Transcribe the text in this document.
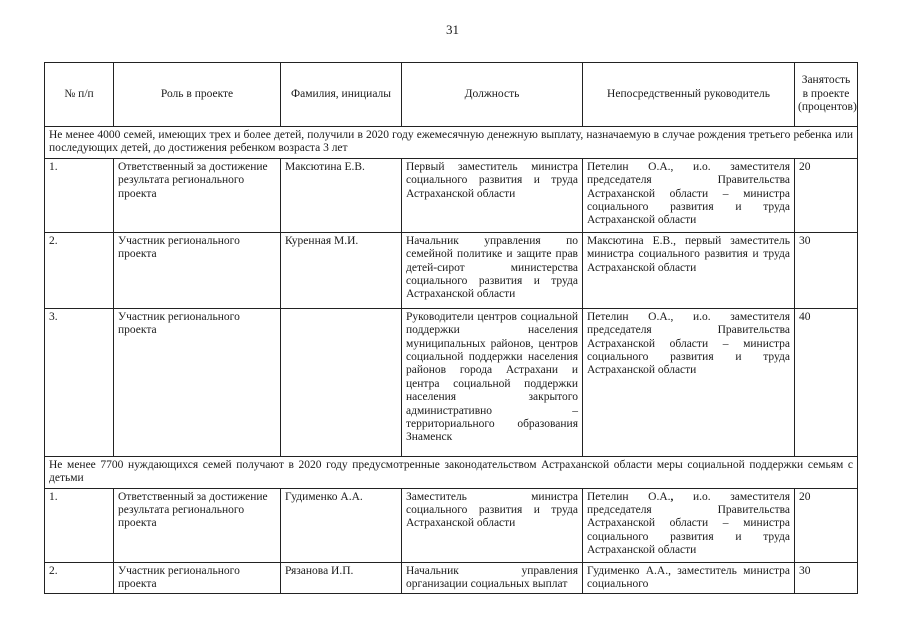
31
№ п/п	Роль в проекте	Фамилия, инициалы	Должность	Непосредственный руководитель	Занятость в проекте (процентов)
Не менее 4000 семей, имеющих трех и более детей, получили в 2020 году ежемесячную денежную выплату, назначаемую в случае рождения третьего ребенка или последующих детей, до достижения ребенком возраста 3 лет					
1.	Ответственный за достижение результата регионального проекта	Максютина Е.В.	Первый заместитель министра социального развития и труда Астраханской области	Петелин О.А., и.о. заместителя председателя Правительства Астраханской области – министра социального развития и труда Астраханской области	20
2.	Участник регионального проекта	Куренная М.И.	Начальник управления по семейной политике и защите прав детей-сирот министерства социального развития и труда Астраханской области	Максютина Е.В., первый заместитель министра социального развития и труда Астраханской области	30
3.	Участник регионального проекта		Руководители центров социальной поддержки населения муниципальных районов, центров социальной поддержки населения районов города Астрахани и центра социальной поддержки населения закрытого административно – территориального образования Знаменск	Петелин О.А., и.о. заместителя председателя Правительства Астраханской области – министра социального развития и труда Астраханской области	40
Не менее 7700 нуждающихся семей получают в 2020 году предусмотренные законодательством Астраханской области меры социальной поддержки семьям с детьми					
1.	Ответственный за достижение результата регионального проекта	Гудименко А.А.	Заместитель министра социального развития и труда Астраханской области	Петелин О.А., и.о. заместителя председателя Правительства Астраханской области – министра социального развития и труда Астраханской области	20
2.	Участник регионального проекта	Рязанова И.П.	Начальник управления организации социальных выплат	Гудименко А.А., заместитель министра социального	30
